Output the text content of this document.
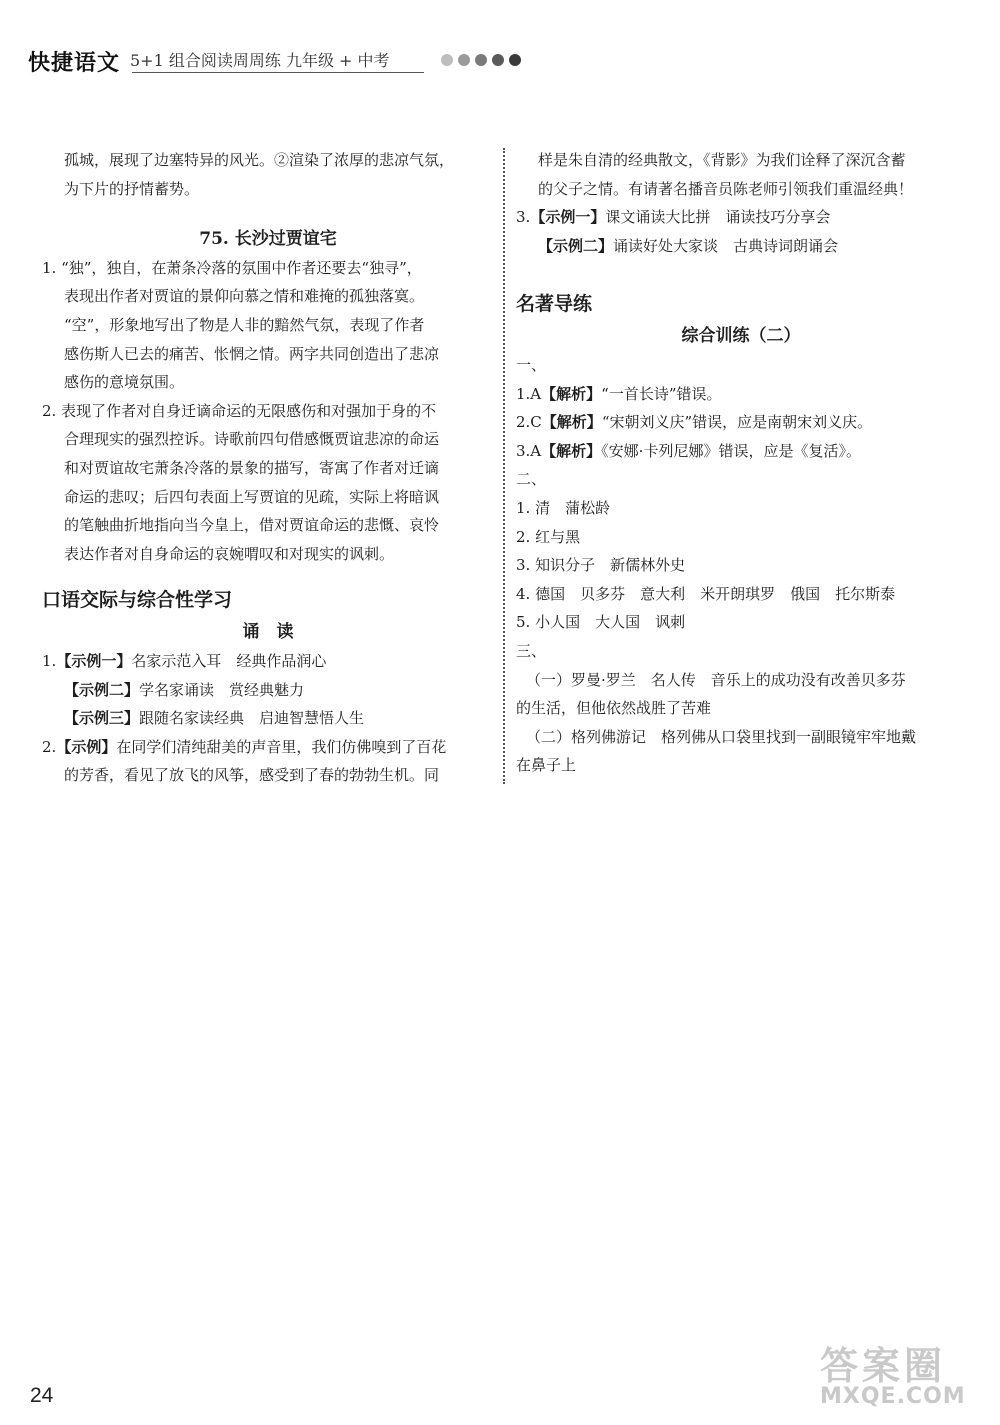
快捷语文 5+1 组合阅读周周练 九年级 + 中考
孤城，展现了边塞特异的风光。②渲染了浓厚的悲凉气氛，
为下片的抒情蓄势。
75. 长沙过贾谊宅
1. “独”，独自，在萧条冷落的氛围中作者还要去“独寻”，
表现出作者对贾谊的景仰向慕之情和难掩的孤独落寞。
“空”，形象地写出了物是人非的黯然气氛，表现了作者
感伤斯人已去的痛苦、怅惘之情。两字共同创造出了悲凉
感伤的意境氛围。
2. 表现了作者对自身迁谪命运的无限感伤和对强加于身的不
合理现实的强烈控诉。诗歌前四句借感慨贾谊悲凉的命运
和对贾谊故宅萧条冷落的景象的描写，寄寓了作者对迁谪
命运的悲叹；后四句表面上写贾谊的见疏，实际上将暗讽
的笔触曲折地指向当今皇上，借对贾谊命运的悲慨、哀怜
表达作者对自身命运的哀婉喟叹和对现实的讽刺。
口语交际与综合性学习
诵　读
1.【示例一】名家示范入耳　经典作品润心
【示例二】学名家诵读　赏经典魅力
【示例三】跟随名家读经典　启迪智慧悟人生
2.【示例】在同学们清纯甜美的声音里，我们仿佛嗅到了百花
的芳香，看见了放飞的风筝，感受到了春的勃勃生机。同
样是朱自清的经典散文，《背影》为我们诠释了深沉含蓄
的父子之情。有请著名播音员陈老师引领我们重温经典！
3.【示例一】课文诵读大比拼　诵读技巧分享会
【示例二】诵读好处大家谈　古典诗词朗诵会
名著导练
综合训练（二）
一、
1.A【解析】“一首长诗”错误。
2.C【解析】“宋朝刘义庆”错误，应是南朝宋刘义庆。
3.A【解析】《安娜·卡列尼娜》错误，应是《复活》。
二、
1. 清　蒲松龄
2. 红与黑
3. 知识分子　新儒林外史
4. 德国　贝多芬　意大利　米开朗琪罗　俄国　托尔斯泰
5. 小人国　大人国　讽刺
三、
（一）罗曼·罗兰　名人传　音乐上的成功没有改善贝多芬
的生活，但他依然战胜了苦难
（二）格列佛游记　格列佛从口袋里找到一副眼镜牢牢地戴
在鼻子上
24
答案圈
MXQE.COM
